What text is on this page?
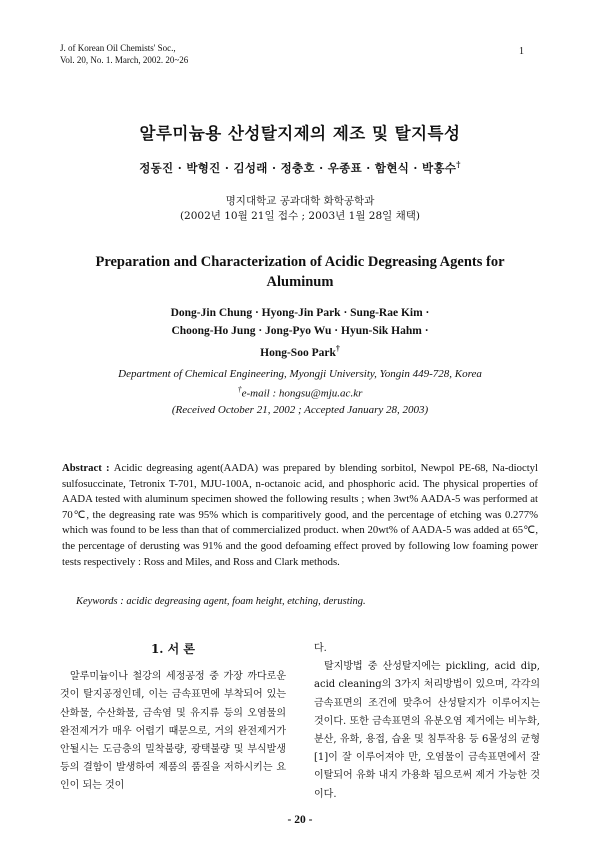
J. of Korean Oil Chemists' Soc.,
Vol. 20, No. 1. March, 2002. 20~26
1
알루미늄용 산성탈지제의 제조 및 탈지특성
정동진 · 박형진 · 김성래 · 정충호 · 우종표 · 함현식 · 박홍수†
명지대학교 공과대학 화학공학과
(2002년 10월 21일 접수 ; 2003년 1월 28일 채택)
Preparation and Characterization of Acidic Degreasing Agents for
Aluminum
Dong-Jin Chung · Hyong-Jin Park · Sung-Rae Kim ·
Choong-Ho Jung · Jong-Pyo Wu · Hyun-Sik Hahm ·
Hong-Soo Park†
Department of Chemical Engineering, Myongji University, Yongin 449-728, Korea
†e-mail : hongsu@mju.ac.kr
(Received October 21, 2002 ; Accepted January 28, 2003)
Abstract : Acidic degreasing agent(AADA) was prepared by blending sorbitol, Newpol PE-68, Na-dioctyl sulfosuccinate, Tetronix T-701, MJU-100A, n-octanoic acid, and phosphoric acid. The physical properties of AADA tested with aluminum specimen showed the following results ; when 3wt% AADA-5 was performed at 70℃, the degreasing rate was 95% which is comparitively good, and the percentage of etching was 0.277% which was found to be less than that of commercialized product. when 20wt% of AADA-5 was added at 65℃, the percentage of derusting was 91% and the good defoaming effect proved by following low foaming power tests respectively : Ross and Miles, and Ross and Clark methods.
Keywords : acidic degreasing agent, foam height, etching, derusting.
1. 서 론

알루미늄이나 철강의 세정공정 중 가장 까다로운 것이 탈지공정인데, 이는 금속표면에 부착되어 있는 산화물, 수산화물, 금속염 및 유지류 등의 오염물의 완전제거가 매우 어렵기 때문으로, 거의 완전제거가 안될시는 도금층의 밀착불량, 광택불량 및 부식발생 등의 결함이 발생하여 제품의 품질을 저하시키는 요인이 되는 것이

다.

탈지방법 중 산성탈지에는 pickling, acid dip, acid cleaning의 3가지 처리방법이 있으며, 각각의 금속표면의 조건에 맞추어 산성탈지가 이루어지는 것이다. 또한 금속표면의 유분오염 제거에는 비누화, 분산, 유화, 용접, 습윤 및 침투작용 등 6몰성의 균형[1]이 잘 이루어져야 만, 오염물이 금속표면에서 잘 이탈되어 유화 내지 가용화 됨으로써 제거 가능한 것이다.

- 20 -
